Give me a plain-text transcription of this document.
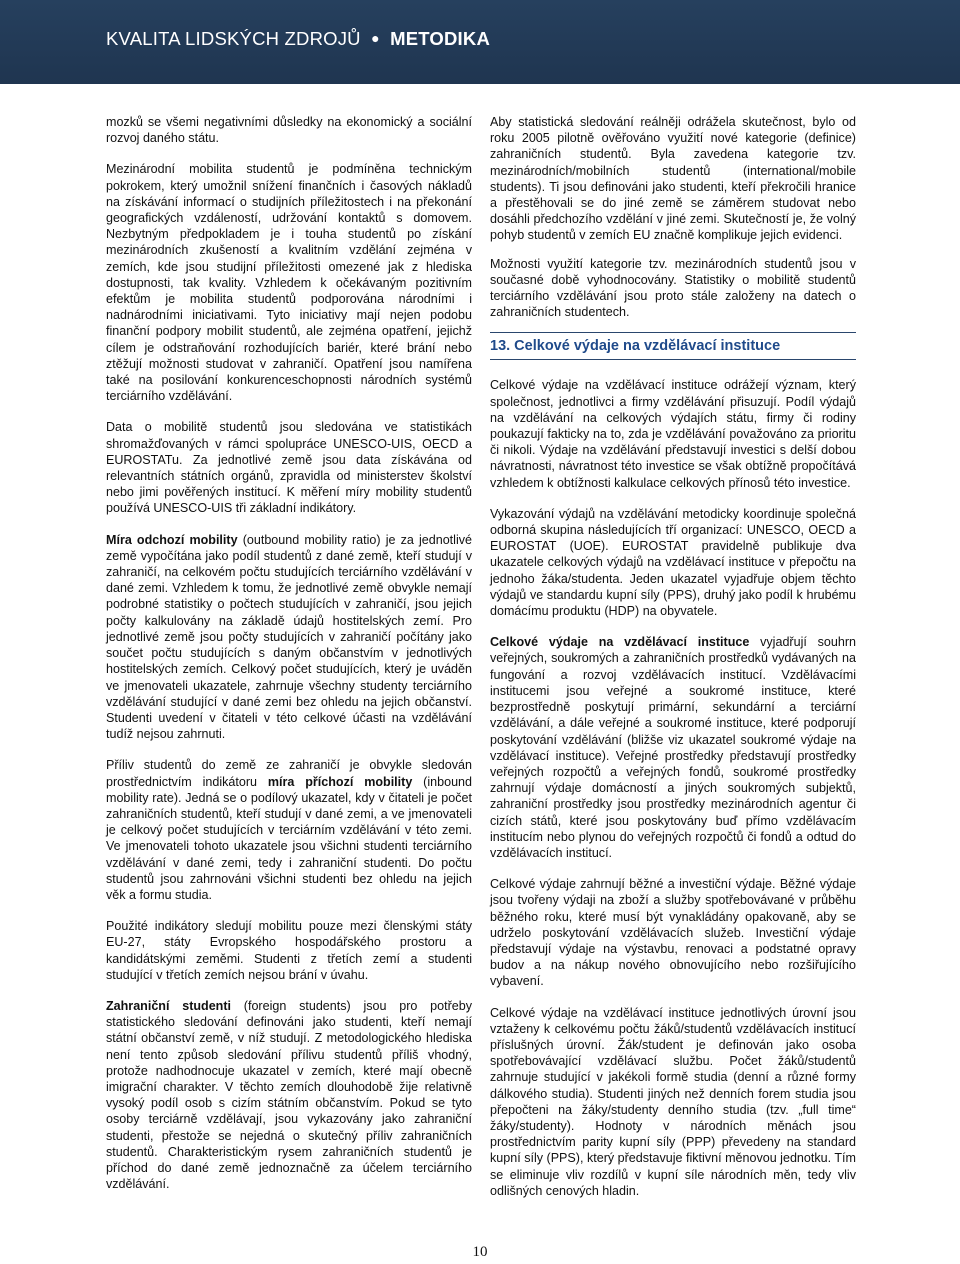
KVALITA LIDSKÝCH ZDROJŮ ● METODIKA

mozků se všemi negativními důsledky na ekonomický a sociální rozvoj daného státu.

Mezinárodní mobilita studentů je podmíněna technickým pokrokem, který umožnil snížení finančních i časových nákladů na získávání informací o studijních příležitostech i na překonání geografických vzdáleností, udržování kontaktů s domovem. Nezbytným předpokladem je i touha studentů po získání mezinárodních zkušeností a kvalitním vzdělání zejména v zemích, kde jsou studijní příležitosti omezené jak z hlediska dostupnosti, tak kvality. Vzhledem k očekávaným pozitivním efektům je mobilita studentů podporována národními i nadnárodními iniciativami. Tyto iniciativy mají nejen podobu finanční podpory mobilit studentů, ale zejména opatření, jejichž cílem je odstraňování rozhodujících bariér, které brání nebo ztěžují možnosti studovat v zahraničí. Opatření jsou namířena také na posilování konkurenceschopnosti národních systémů terciárního vzdělávání.

Data o mobilitě studentů jsou sledována ve statistikách shromažďovaných v rámci spolupráce UNESCO-UIS, OECD a EUROSTATu. Za jednotlivé země jsou data získávána od relevantních státních orgánů, zpravidla od ministerstev školství nebo jimi pověřených institucí. K měření míry mobility studentů používá UNESCO-UIS tři základní indikátory.

Míra odchozí mobility (outbound mobility ratio) je za jednotlivé země vypočítána jako podíl studentů z dané země, kteří studují v zahraničí, na celkovém počtu studujících terciárního vzdělávání v dané zemi. Vzhledem k tomu, že jednotlivé země obvykle nemají podrobné statistiky o počtech studujících v zahraničí, jsou jejich počty kalkulovány na základě údajů hostitelských zemí. Pro jednotlivé země jsou počty studujících v zahraničí počítány jako součet počtu studujících s daným občanstvím v jednotlivých hostitelských zemích. Celkový počet studujících, který je uváděn ve jmenovateli ukazatele, zahrnuje všechny studenty terciárního vzdělávání studující v dané zemi bez ohledu na jejich občanství. Studenti uvedení v čitateli v této celkové účasti na vzdělávání tudíž nejsou zahrnuti.

Příliv studentů do země ze zahraničí je obvykle sledován prostřednictvím indikátoru míra příchozí mobility (inbound mobility rate). Jedná se o podílový ukazatel, kdy v čitateli je počet zahraničních studentů, kteří studují v dané zemi, a ve jmenovateli je celkový počet studujících v terciárním vzdělávání v této zemi. Ve jmenovateli tohoto ukazatele jsou všichni studenti terciárního vzdělávání v dané zemi, tedy i zahraniční studenti. Do počtu studentů jsou zahrnováni všichni studenti bez ohledu na jejich věk a formu studia.

Použité indikátory sledují mobilitu pouze mezi členskými státy EU-27, státy Evropského hospodářského prostoru a kandidátskými zeměmi. Studenti z třetích zemí a studenti studující v třetích zemích nejsou brání v úvahu.

Zahraniční studenti (foreign students) jsou pro potřeby statistického sledování definováni jako studenti, kteří nemají státní občanství země, v níž studují. Z metodologického hlediska není tento způsob sledování přílivu studentů příliš vhodný, protože nadhodnocuje ukazatel v zemích, které mají obecně imigrační charakter. V těchto zemích dlouhodobě žije relativně vysoký podíl osob s cizím státním občanstvím. Pokud se tyto osoby terciárně vzdělávají, jsou vykazovány jako zahraniční studenti, přestože se nejedná o skutečný příliv zahraničních studentů. Charakteristickým rysem zahraničních studentů je příchod do dané země jednoznačně za účelem terciárního vzdělávání.

Aby statistická sledování reálněji odrážela skutečnost, bylo od roku 2005 pilotně ověřováno využití nové kategorie (definice) zahraničních studentů. Byla zavedena kategorie tzv. mezinárodních/mobilních studentů (international/mobile students). Ti jsou definováni jako studenti, kteří překročili hranice a přestěhovali se do jiné země se záměrem studovat nebo dosáhli předchozího vzdělání v jiné zemi. Skutečností je, že volný pohyb studentů v zemích EU značně komplikuje jejich evidenci.

Možnosti využití kategorie tzv. mezinárodních studentů jsou v současné době vyhodnocovány. Statistiky o mobilitě studentů terciárního vzdělávání jsou proto stále založeny na datech o zahraničních studentech.

13. Celkové výdaje na vzdělávací instituce

Celkové výdaje na vzdělávací instituce odrážejí význam, který společnost, jednotlivci a firmy vzdělávání přisuzují. Podíl výdajů na vzdělávání na celkových výdajích státu, firmy či rodiny poukazují fakticky na to, zda je vzdělávání považováno za prioritu či nikoli. Výdaje na vzdělávání představují investici s delší dobou návratnosti, návratnost této investice se však obtížně propočítává vzhledem k obtížnosti kalkulace celkových přínosů této investice.

Vykazování výdajů na vzdělávání metodicky koordinuje společná odborná skupina následujících tří organizací: UNESCO, OECD a EUROSTAT (UOE). EUROSTAT pravidelně publikuje dva ukazatele celkových výdajů na vzdělávací instituce v přepočtu na jednoho žáka/studenta. Jeden ukazatel vyjadřuje objem těchto výdajů ve standardu kupní síly (PPS), druhý jako podíl k hrubému domácímu produktu (HDP) na obyvatele.

Celkové výdaje na vzdělávací instituce vyjadřují souhrn veřejných, soukromých a zahraničních prostředků vydávaných na fungování a rozvoj vzdělávacích institucí. Vzdělávacími institucemi jsou veřejné a soukromé instituce, které bezprostředně poskytují primární, sekundární a terciární vzdělávání, a dále veřejné a soukromé instituce, které podporují poskytování vzdělávání (bližše viz ukazatel soukromé výdaje na vzdělávací instituce). Veřejné prostředky představují prostředky veřejných rozpočtů a veřejných fondů, soukromé prostředky zahrnují výdaje domácností a jiných soukromých subjektů, zahraniční prostředky jsou prostředky mezinárodních agentur či cizích států, které jsou poskytovány buď přímo vzdělávacím institucím nebo plynou do veřejných rozpočtů či fondů a odtud do vzdělávacích institucí.

Celkové výdaje zahrnují běžné a investiční výdaje. Běžné výdaje jsou tvořeny výdaji na zboží a služby spotřebovávané v průběhu běžného roku, které musí být vynakládány opakovaně, aby se udrželo poskytování vzdělávacích služeb. Investiční výdaje představují výdaje na výstavbu, renovaci a podstatné opravy budov a na nákup nového obnovujícího nebo rozšiřujícího vybavení.

Celkové výdaje na vzdělávací instituce jednotlivých úrovní jsou vztaženy k celkovému počtu žáků/studentů vzdělávacích institucí příslušných úrovní. Žák/student je definován jako osoba spotřebovávající vzdělávací službu. Počet žáků/studentů zahrnuje studující v jakékoli formě studia (denní a různé formy dálkového studia). Studenti jiných než denních forem studia jsou přepočteni na žáky/studenty denního studia (tzv. „full time“ žáky/studenty). Hodnoty v národních měnách jsou prostřednictvím parity kupní síly (PPP) převedeny na standard kupní síly (PPS), který představuje fiktivní měnovou jednotku. Tím se eliminuje vliv rozdílů v kupní síle národních měn, tedy vliv odlišných cenových hladin.

10
